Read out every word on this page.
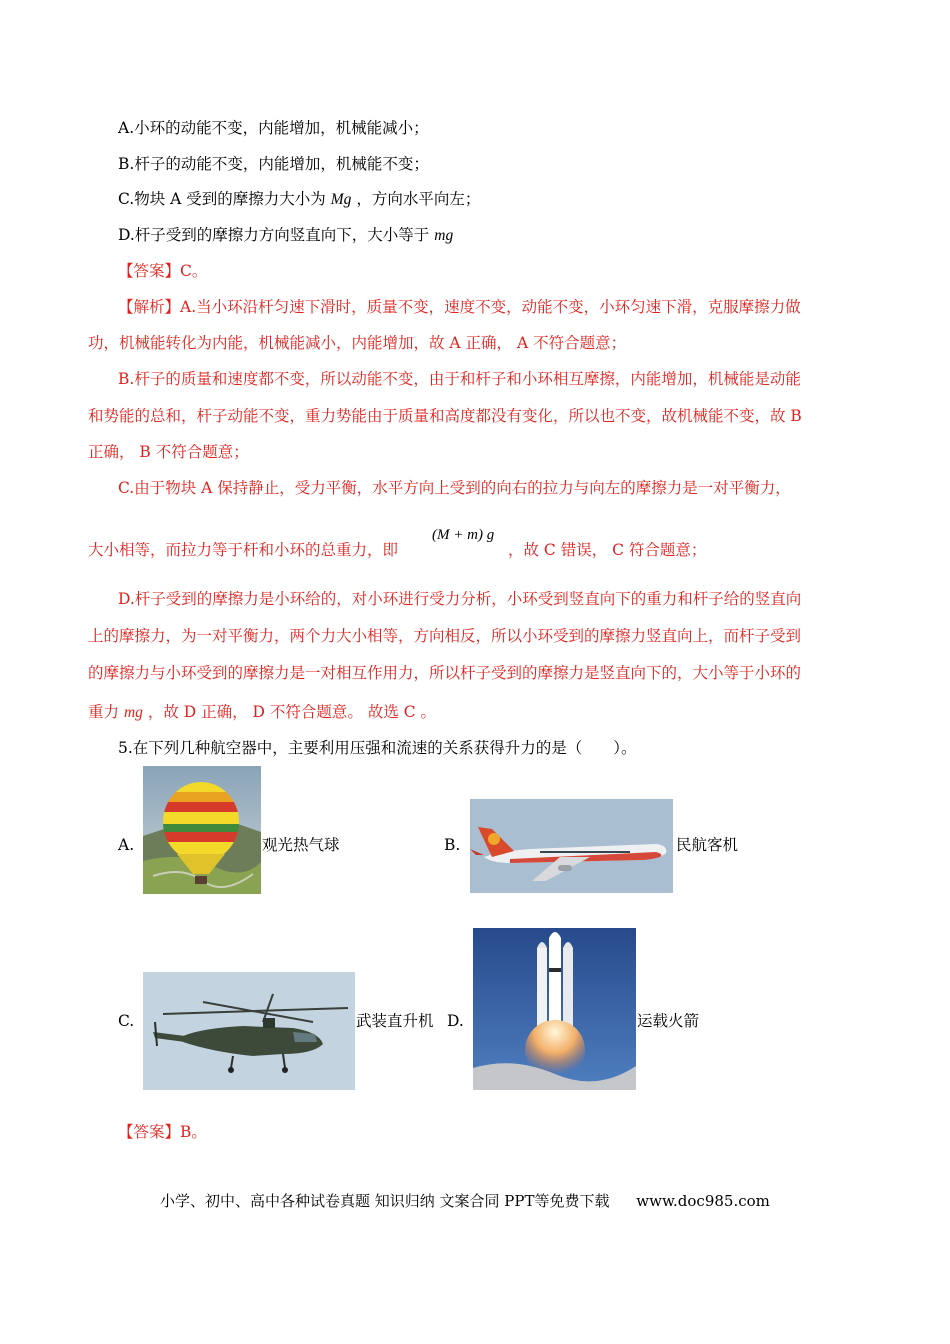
A.小环的动能不变，内能增加，机械能减小；
B.杆子的动能不变，内能增加，机械能不变；
C.物块 A 受到的摩擦力大小为 Mg ，方向水平向左；
D.杆子受到的摩擦力方向竖直向下，大小等于 mg
【答案】C。
【解析】A.当小环沿杆匀速下滑时，质量不变，速度不变，动能不变，小环匀速下滑，克服摩擦力做
功，机械能转化为内能，机械能减小，内能增加，故 A 正确， A 不符合题意；
B.杆子的质量和速度都不变，所以动能不变，由于和杆子和小环相互摩擦，内能增加，机械能是动能
和势能的总和，杆子动能不变，重力势能由于质量和高度都没有变化，所以也不变，故机械能不变，故 B
正确， B 不符合题意；
C.由于物块 A 保持静止，受力平衡，水平方向上受到的向右的拉力与向左的摩擦力是一对平衡力，
大小相等，而拉力等于杆和小环的总重力，即
(M + m) g
，故 C 错误， C 符合题意；
D.杆子受到的摩擦力是小环给的，对小环进行受力分析，小环受到竖直向下的重力和杆子给的竖直向
上的摩擦力，为一对平衡力，两个力大小相等，方向相反，所以小环受到的摩擦力竖直向上，而杆子受到
的摩擦力与小环受到的摩擦力是一对相互作用力，所以杆子受到的摩擦力是竖直向下的，大小等于小环的
重力 mg ，故 D 正确， D 不符合题意。 故选 C 。
5.在下列几种航空器中，主要利用压强和流速的关系获得升力的是（　　）。
A.	观光热气球	B.	民航客机
C.	武装直升机 D.	运载火箭
【答案】B。
小学、初中、高中各种试卷真题 知识归纳 文案合同 PPT等免费下载 www.doc985.com
